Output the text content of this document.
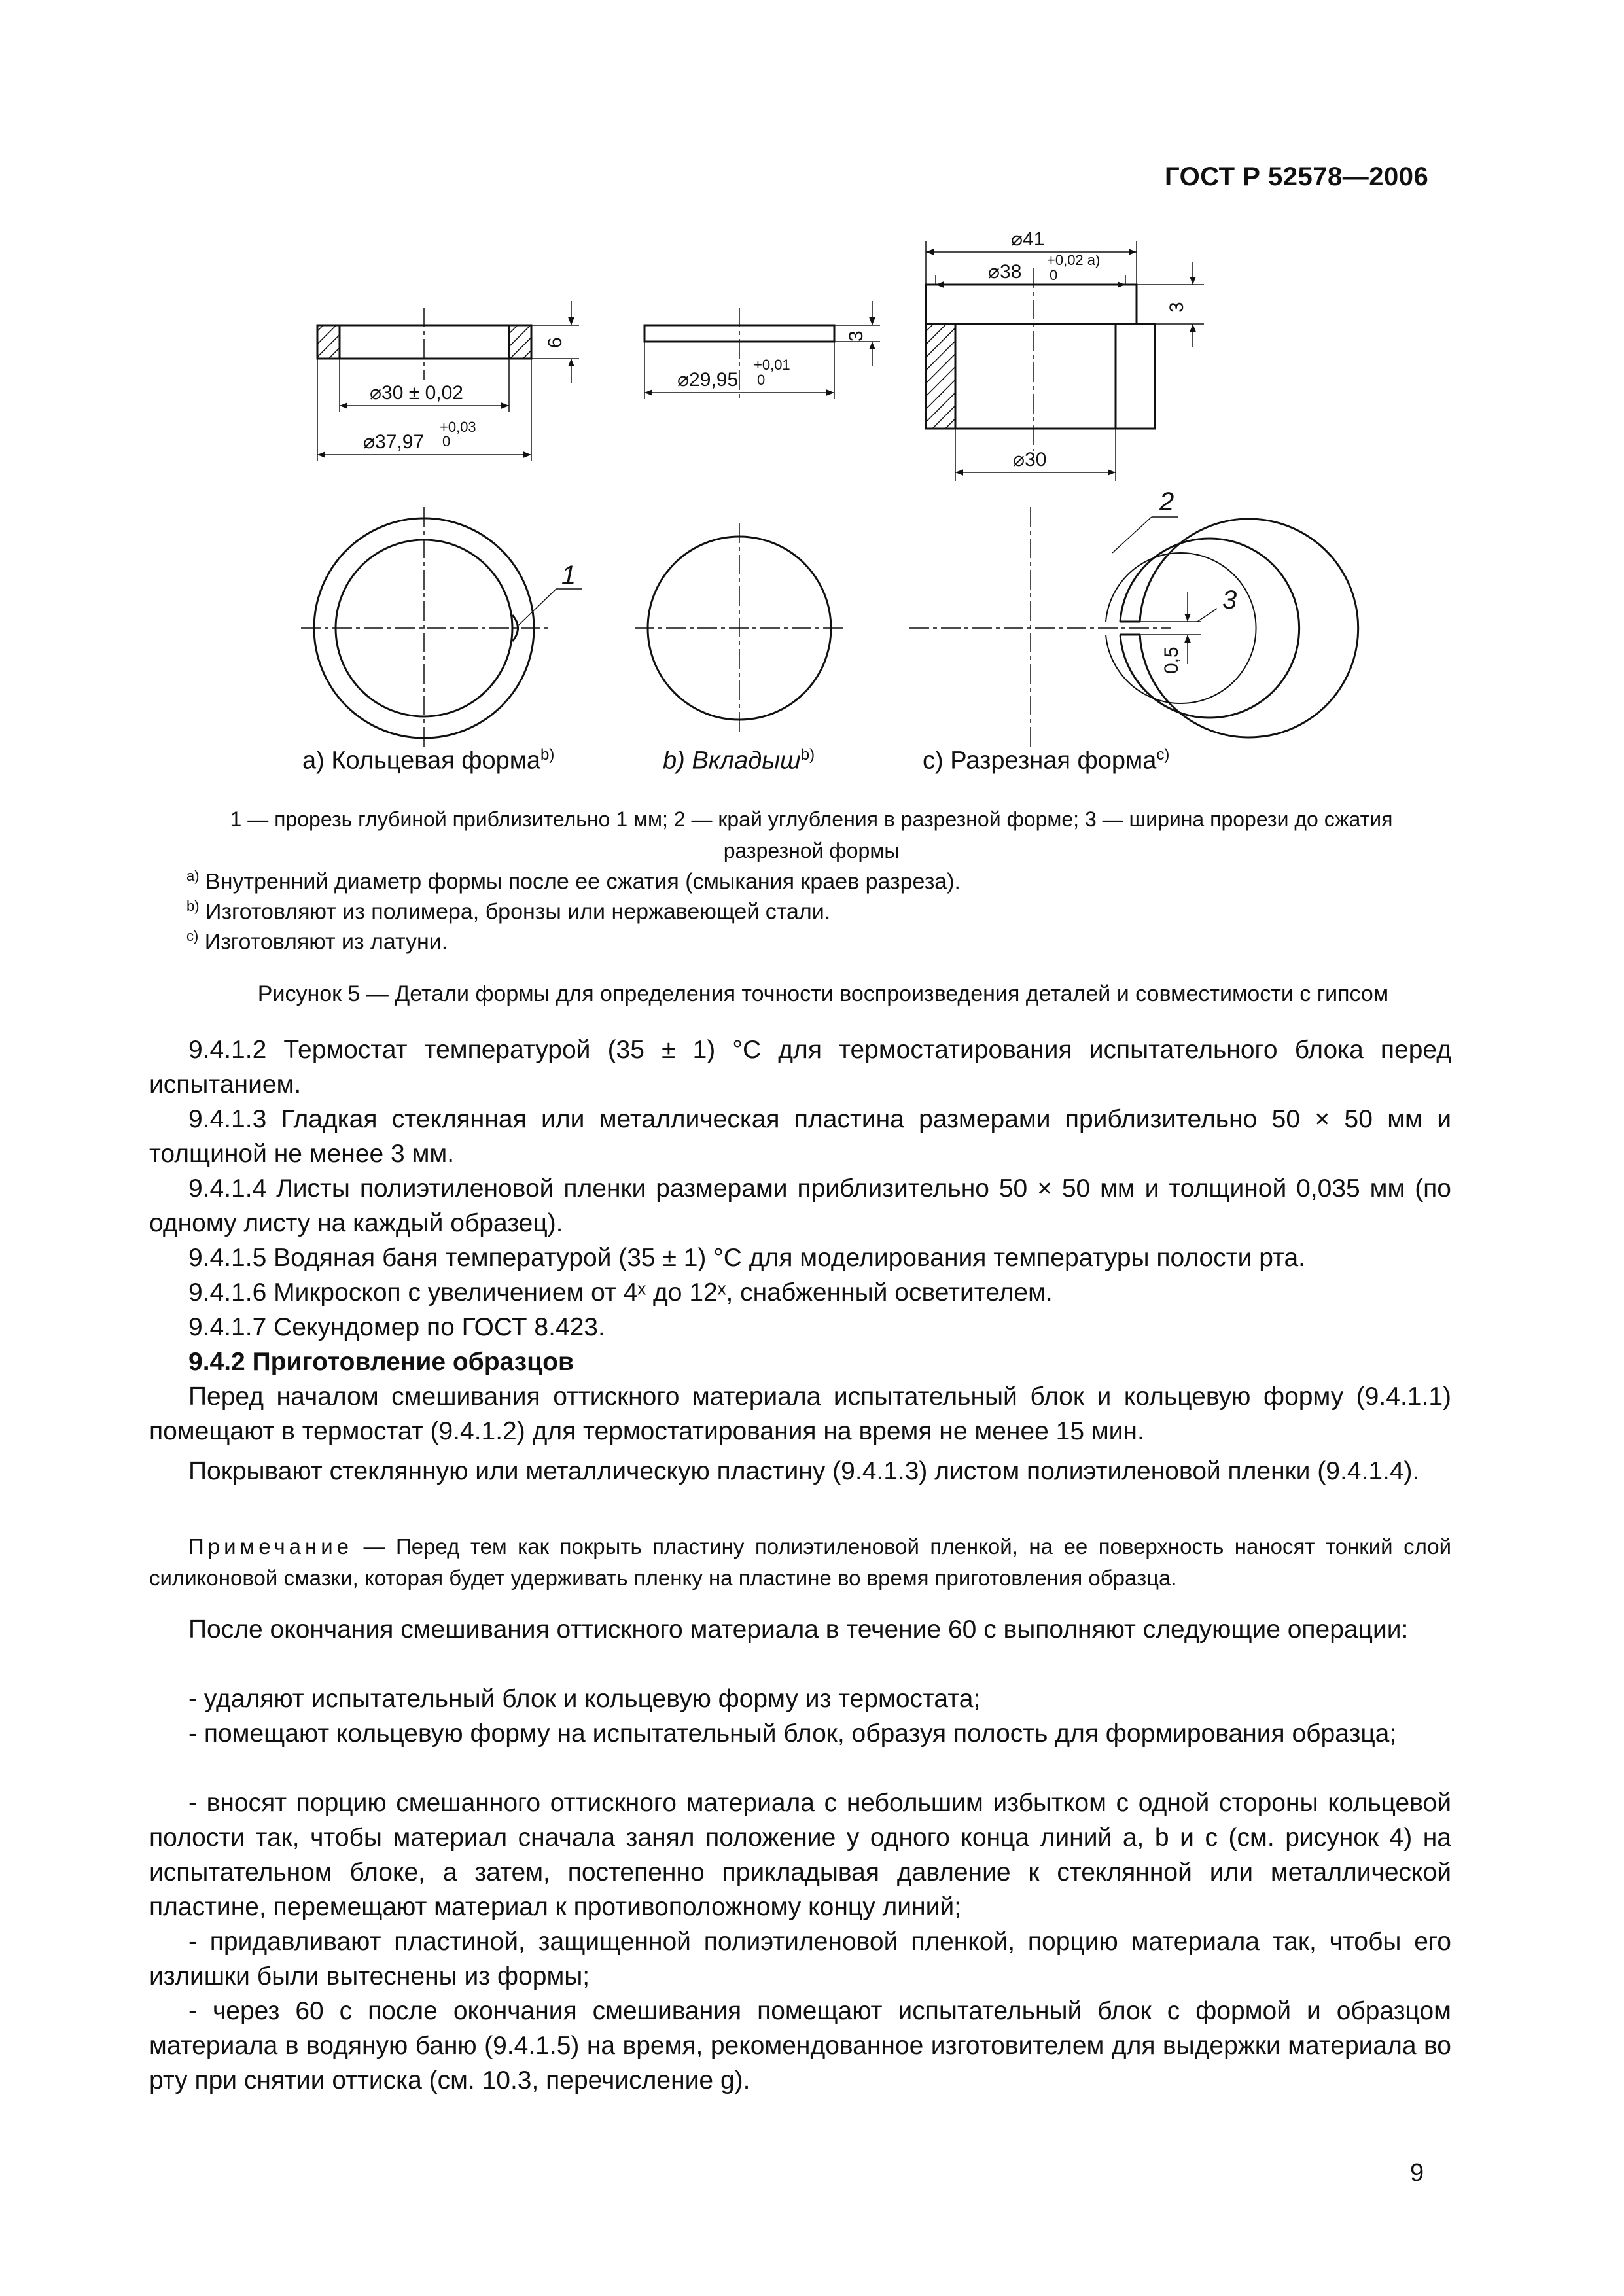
ГОСТ Р 52578—2006
⌀30 ± 0,02
⌀37,97
+0,03
0
6
⌀29,95
+0,01
0
3
⌀41
⌀38
+0,02 a)
0
3
⌀30
0,5
1
2
3
а) Кольцевая форма$^{b)}$	b) Вкладыш$^{b)}$	c) Разрезная форма$^{c)}$
1 — прорезь глубиной приблизительно 1 мм; 2 — край углубления в разрезной форме; 3 — ширина прорези до сжатия
разрезной формы
$^{a)}$ Внутренний диаметр формы после ее сжатия (смыкания краев разреза).
$^{b)}$ Изготовляют из полимера, бронзы или нержавеющей стали.
$^{c)}$ Изготовляют из латуни.
Рисунок 5 — Детали формы для определения точности воспроизведения деталей и совместимости с гипсом
9.4.1.2 Термостат температурой (35 ± 1) °С для термостатирования испытательного блока перед испытанием.
9.4.1.3 Гладкая стеклянная или металлическая пластина размерами приблизительно 50 × 50 мм и толщиной не менее 3 мм.
9.4.1.4 Листы полиэтиленовой пленки размерами приблизительно 50 × 50 мм и толщиной 0,035 мм (по одному листу на каждый образец).
9.4.1.5 Водяная баня температурой (35 ± 1) °С для моделирования температуры полости рта.
9.4.1.6 Микроскоп с увеличением от 4ˣ до 12ˣ, снабженный осветителем.
9.4.1.7 Секундомер по ГОСТ 8.423.
9.4.2 Приготовление образцов
Перед началом смешивания оттискного материала испытательный блок и кольцевую форму (9.4.1.1) помещают в термостат (9.4.1.2) для термостатирования на время не менее 15 мин.
Покрывают стеклянную или металлическую пластину (9.4.1.3) листом полиэтиленовой пленки (9.4.1.4).
Примечание — Перед тем как покрыть пластину полиэтиленовой пленкой, на ее поверхность наносят тонкий слой силиконовой смазки, которая будет удерживать пленку на пластине во время приготовления образца.
После окончания смешивания оттискного материала в течение 60 с выполняют следующие операции:
- удаляют испытательный блок и кольцевую форму из термостата;
- помещают кольцевую форму на испытательный блок, образуя полость для формирования образца;
- вносят порцию смешанного оттискного материала с небольшим избытком с одной стороны кольцевой полости так, чтобы материал сначала занял положение у одного конца линий a, b и c (см. рисунок 4) на испытательном блоке, а затем, постепенно прикладывая давление к стеклянной или металлической пластине, перемещают материал к противоположному концу линий;
- придавливают пластиной, защищенной полиэтиленовой пленкой, порцию материала так, чтобы его излишки были вытеснены из формы;
- через 60 с после окончания смешивания помещают испытательный блок с формой и образцом материала в водяную баню (9.4.1.5) на время, рекомендованное изготовителем для выдержки материала во рту при снятии оттиска (см. 10.3, перечисление g).
9
